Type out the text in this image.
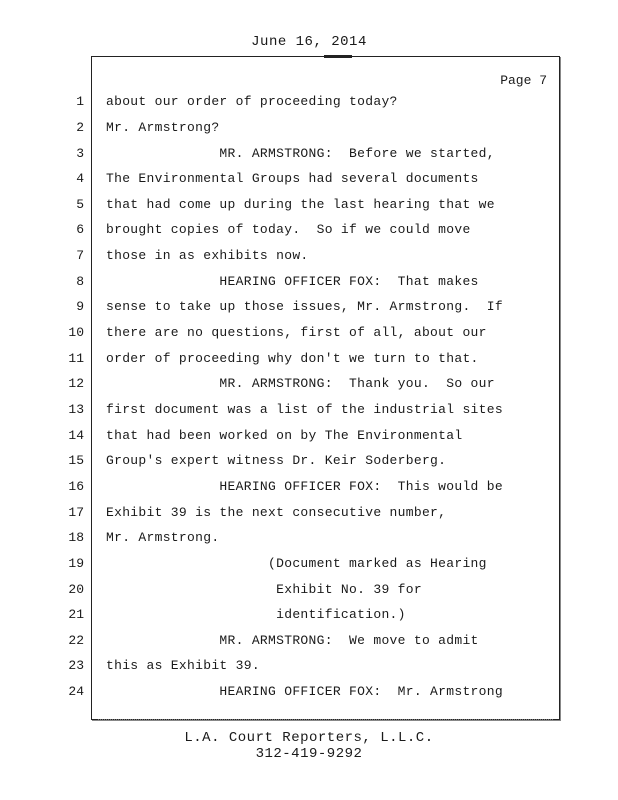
June 16, 2014
Page 7
1 about our order of proceeding today?
2 Mr. Armstrong?
3 MR. ARMSTRONG:  Before we started,
4 The Environmental Groups had several documents
5 that had come up during the last hearing that we
6 brought copies of today.  So if we could move
7 those in as exhibits now.
8 HEARING OFFICER FOX:  That makes
9 sense to take up those issues, Mr. Armstrong.  If
10 there are no questions, first of all, about our
11 order of proceeding why don't we turn to that.
12 MR. ARMSTRONG:  Thank you.  So our
13 first document was a list of the industrial sites
14 that had been worked on by The Environmental
15 Group's expert witness Dr. Keir Soderberg.
16 HEARING OFFICER FOX:  This would be
17 Exhibit 39 is the next consecutive number,
18 Mr. Armstrong.
19 (Document marked as Hearing
20 Exhibit No. 39 for
21 identification.)
22 MR. ARMSTRONG:  We move to admit
23 this as Exhibit 39.
24 HEARING OFFICER FOX:  Mr. Armstrong
L.A. Court Reporters, L.L.C.
312-419-9292
